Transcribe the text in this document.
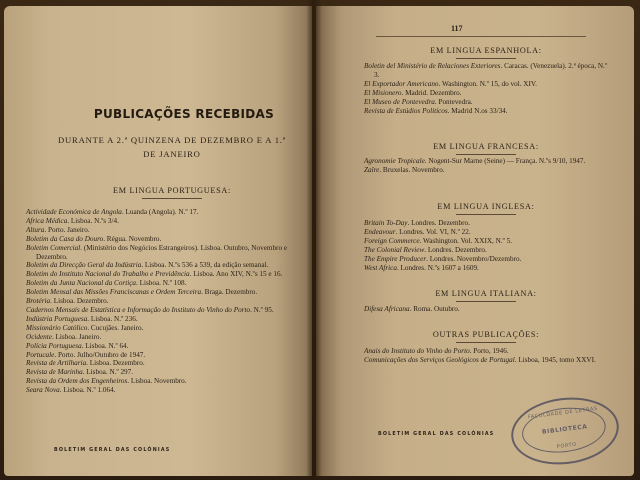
PUBLICAÇÕES RECEBIDAS
DURANTE A 2.ª QUINZENA DE DEZEMBRO E A 1.ª
DE JANEIRO
EM LINGUA PORTUGUESA:
Actividade Económica de Angola. Luanda (Angola). N.º 17.
Africa Médica. Lisboa. N.ºs 3/4.
Altura. Porto. Janeiro.
Boletim da Casa do Douro. Régua. Novembro.
Boletim Comercial. (Ministério dos Negócios Estrangeiros). Lisboa. Outubro, Novembro e Dezembro.
Boletim da Direcção Geral da Indústria. Lisboa. N.ºs 536 a 539, da edição semanal.
Boletim do Instituto Nacional do Trabalho e Previdência. Lisboa. Ano XIV, N.ºs 15 e 16.
Boletim da Junta Nacional da Cortiça. Lisboa. N.º 108.
Boletim Mensal das Missões Franciscanas e Ordem Terceira. Braga. Dezembro.
Brotéria. Lisboa. Dezembro.
Cadernos Mensais de Estatística e Informação do Instituto do Vinho do Porto. N.º 95.
Indústria Portuguesa. Lisboa. N.º 236.
Missionário Católico. Cucujães. Janeiro.
Ocidente. Lisboa. Janeiro.
Polícia Portuguesa. Lisboa. N.º 64.
Portucale. Porto. Julho/Outubro de 1947.
Revista de Artilharia. Lisboa. Dezembro.
Revista de Marinha. Lisboa. N.º 297.
Revista da Ordem dos Engenheiros. Lisboa. Novembro.
Seara Nova. Lisboa. N.º 1.064.
BOLETIM GERAL DAS COLÓNIAS
117
EM LINGUA ESPANHOLA:
Boletin del Ministério de Relaciones Exteriores. Caracas. (Venezuela). 2.ª época, N.º 3.
El Exportador Americano. Washington. N.º 15, do vol. XIV.
El Misionero. Madrid. Dezembro.
El Museo de Pontevedra. Pontevedra.
Revista de Estúdios Politicos. Madrid N.os 33/34.
EM LINGUA FRANCESA:
Agronomie Tropicale. Nogent-Sur Marne (Seine) — França. N.ºs 9/10, 1947.
Zaïre. Bruxelas. Novembro.
EM LINGUA INGLESA:
Britain To-Day. Londres. Dezembro.
Endeavour. Londres. Vol. VI, N.º 22.
Foreign Commerce. Washington. Vol. XXIX, N.º 5.
The Colonial Review. Londres. Dezembro.
The Empire Producer. Londres. Novembro/Dezembro.
West Africa. Londres. N.ºs 1607 a 1609.
EM LINGUA ITALIANA:
Difesa Africana. Roma. Outubro.
OUTRAS PUBLICAÇÕES:
Anais do Instituto do Vinho do Porto. Porto, 1946.
Comunicações dos Serviços Geológicos de Portugal. Lisboa, 1945, tomo XXVI.
BOLETIM GERAL DAS COLÓNIAS
FACULDADE DE LETRAS
BIBLIOTECA
PORTO
